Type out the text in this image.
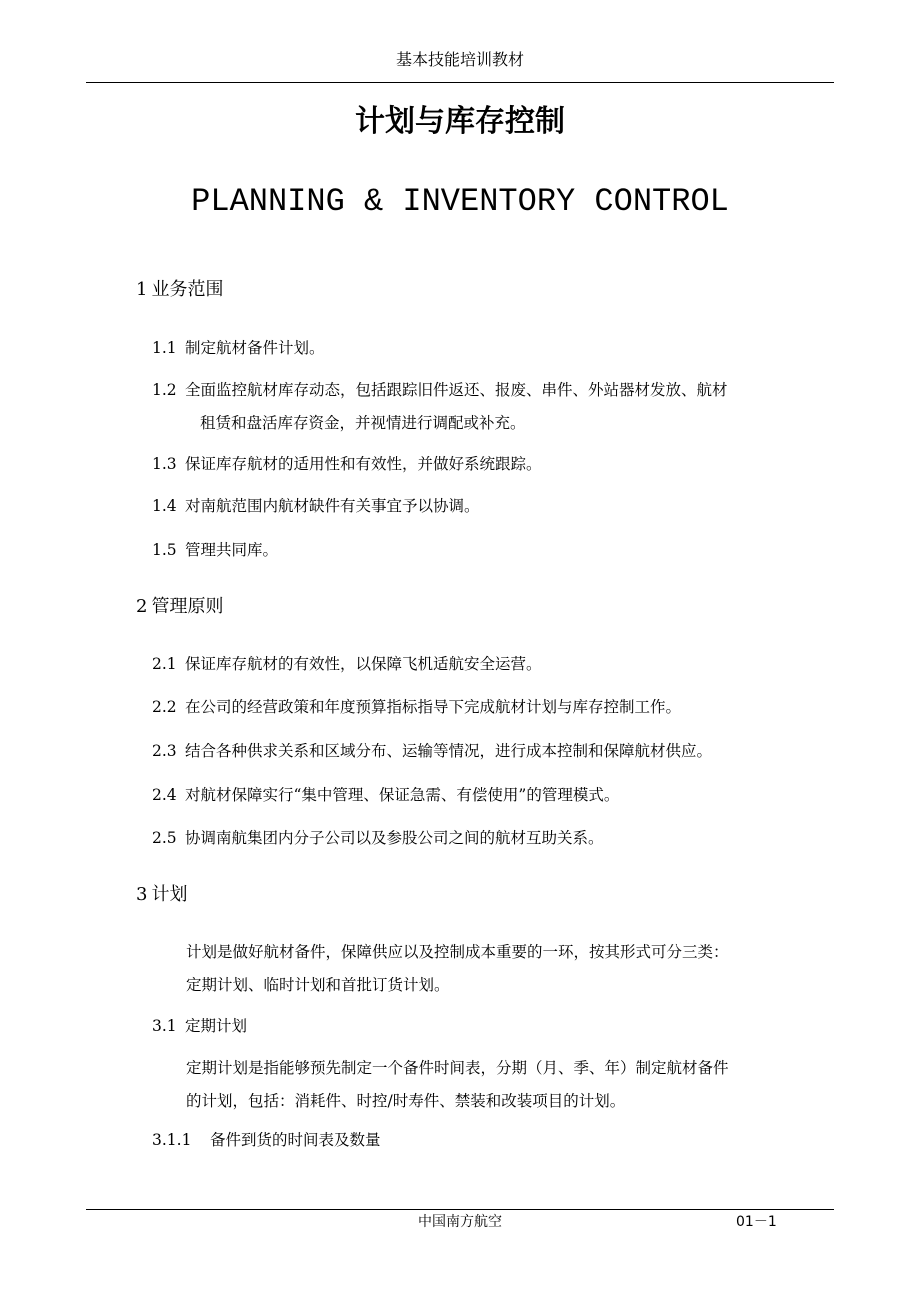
基本技能培训教材
计划与库存控制
PLANNING & INVENTORY CONTROL
1 业务范围
1.1 制定航材备件计划。
1.2 全面监控航材库存动态，包括跟踪旧件返还、报废、串件、外站器材发放、航材
租赁和盘活库存资金，并视情进行调配或补充。
1.3 保证库存航材的适用性和有效性，并做好系统跟踪。
1.4 对南航范围内航材缺件有关事宜予以协调。
1.5 管理共同库。
2 管理原则
2.1 保证库存航材的有效性，以保障飞机适航安全运营。
2.2 在公司的经营政策和年度预算指标指导下完成航材计划与库存控制工作。
2.3 结合各种供求关系和区域分布、运输等情况，进行成本控制和保障航材供应。
2.4 对航材保障实行“集中管理、保证急需、有偿使用”的管理模式。
2.5 协调南航集团内分子公司以及参股公司之间的航材互助关系。
3 计划
计划是做好航材备件，保障供应以及控制成本重要的一环，按其形式可分三类：
定期计划、临时计划和首批订货计划。
3.1 定期计划
定期计划是指能够预先制定一个备件时间表，分期（月、季、年）制定航材备件
的计划，包括：消耗件、时控/时寿件、禁装和改装项目的计划。
3.1.1 备件到货的时间表及数量
中国南方航空	01－1
